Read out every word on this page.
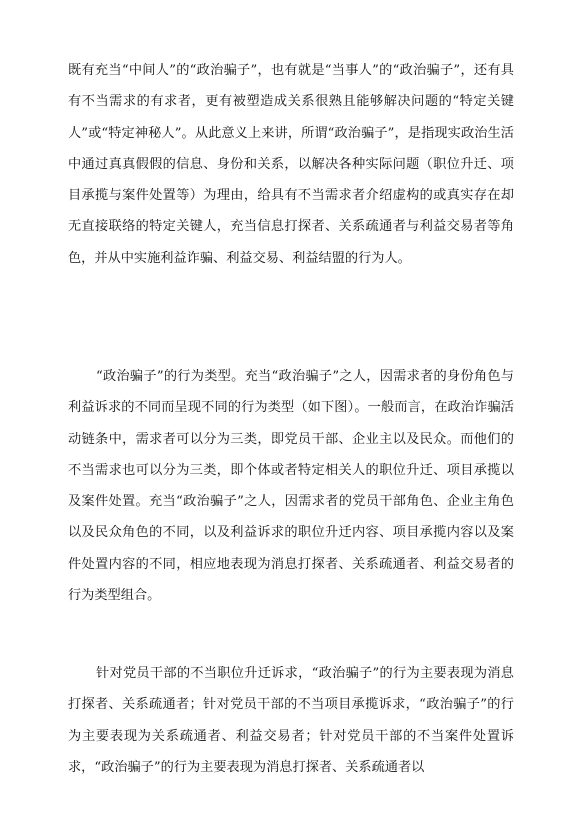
既有充当“中间人”的“政治骗子”，也有就是“当事人”的“政治骗子”，还有具有不当需求的有求者，更有被塑造成关系很熟且能够解决问题的“特定关键人”或“特定神秘人”。从此意义上来讲，所谓“政治骗子”，是指现实政治生活中通过真真假假的信息、身份和关系，以解决各种实际问题（职位升迁、项目承揽与案件处置等）为理由，给具有不当需求者介绍虚构的或真实存在却无直接联络的特定关键人，充当信息打探者、关系疏通者与利益交易者等角色，并从中实施利益诈骗、利益交易、利益结盟的行为人。

“政治骗子”的行为类型。充当“政治骗子”之人，因需求者的身份角色与利益诉求的不同而呈现不同的行为类型（如下图）。一般而言，在政治诈骗活动链条中，需求者可以分为三类，即党员干部、企业主以及民众。而他们的不当需求也可以分为三类，即个体或者特定相关人的职位升迁、项目承揽以及案件处置。充当“政治骗子”之人，因需求者的党员干部角色、企业主角色以及民众角色的不同，以及利益诉求的职位升迁内容、项目承揽内容以及案件处置内容的不同，相应地表现为消息打探者、关系疏通者、利益交易者的行为类型组合。

针对党员干部的不当职位升迁诉求，“政治骗子”的行为主要表现为消息打探者、关系疏通者；针对党员干部的不当项目承揽诉求，“政治骗子”的行为主要表现为关系疏通者、利益交易者；针对党员干部的不当案件处置诉求，“政治骗子”的行为主要表现为消息打探者、关系疏通者以
